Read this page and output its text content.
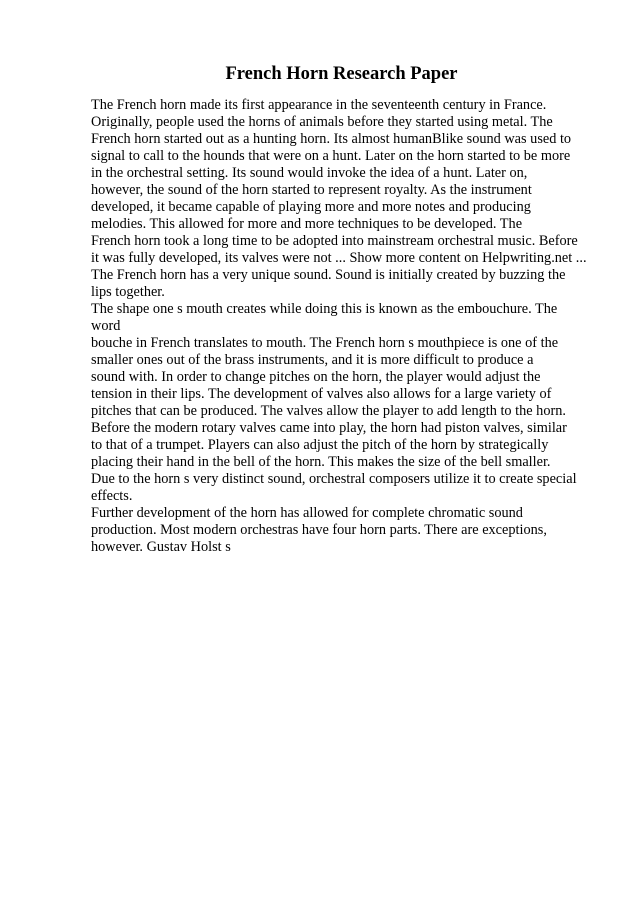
French Horn Research Paper
The French horn made its first appearance in the seventeenth century in France.
Originally, people used the horns of animals before they started using metal. The
French horn started out as a hunting horn. Its almost humanBlike sound was used to
signal to call to the hounds that were on a hunt. Later on the horn started to be more
in the orchestral setting. Its sound would invoke the idea of a hunt. Later on,
however, the sound of the horn started to represent royalty. As the instrument
developed, it became capable of playing more and more notes and producing
melodies. This allowed for more and more techniques to be developed. The
French horn took a long time to be adopted into mainstream orchestral music. Before
it was fully developed, its valves were not ... Show more content on Helpwriting.net ...
The French horn has a very unique sound. Sound is initially created by buzzing the
lips together.
The shape one s mouth creates while doing this is known as the embouchure. The
word
bouche in French translates to mouth. The French horn s mouthpiece is one of the
smaller ones out of the brass instruments, and it is more difficult to produce a
sound with. In order to change pitches on the horn, the player would adjust the
tension in their lips. The development of valves also allows for a large variety of
pitches that can be produced. The valves allow the player to add length to the horn.
Before the modern rotary valves came into play, the horn had piston valves, similar
to that of a trumpet. Players can also adjust the pitch of the horn by strategically
placing their hand in the bell of the horn. This makes the size of the bell smaller.
Due to the horn s very distinct sound, orchestral composers utilize it to create special
effects.
Further development of the horn has allowed for complete chromatic sound
production. Most modern orchestras have four horn parts. There are exceptions,
however. Gustav Holst s
